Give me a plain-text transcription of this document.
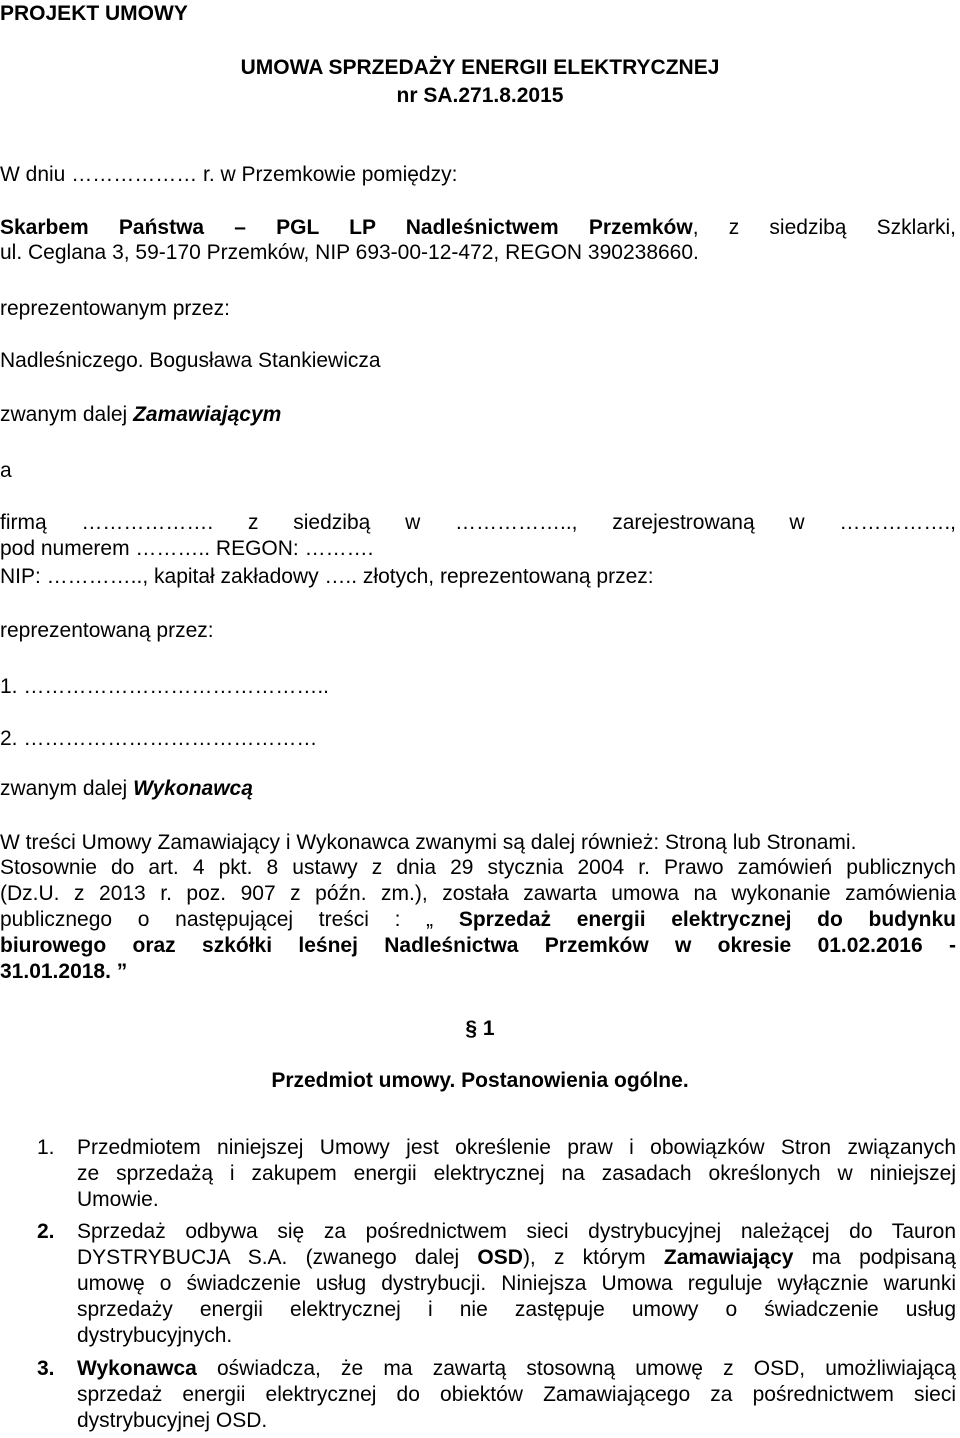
PROJEKT UMOWY

UMOWA SPRZEDAŻY ENERGII ELEKTRYCZNEJ

nr SA.271.8.2015

W dniu ……………… r. w Przemkowie pomiędzy:

Skarbem Państwa – PGL LP Nadleśnictwem Przemków, z siedzibą Szklarki,

ul. Ceglana 3, 59-170 Przemków, NIP 693-00-12-472, REGON 390238660.

reprezentowanym przez:

Nadleśniczego. Bogusława Stankiewicza

zwanym dalej Zamawiającym

a

firmą ………………. z siedzibą w …………….., zarejestrowaną w …………….,

pod numerem ……….. REGON: ……….

NIP: ………….., kapitał zakładowy ….. złotych, reprezentowaną przez:

reprezentowaną przez:

1. ……………………………………..

2. ……………………………………

zwanym dalej Wykonawcą

W treści Umowy Zamawiający i Wykonawca zwanymi są dalej również: Stroną lub Stronami.

Stosownie do art. 4 pkt. 8 ustawy z dnia 29 stycznia 2004 r. Prawo zamówień publicznych

(Dz.U. z 2013 r. poz. 907 z późn. zm.), została zawarta umowa na wykonanie zamówienia

publicznego o następującej treści : „ Sprzedaż energii elektrycznej do budynku

biurowego oraz szkółki leśnej Nadleśnictwa Przemków w okresie 01.02.2016 -

31.01.2018. ”

§ 1

Przedmiot umowy. Postanowienia ogólne.

1. Przedmiotem niniejszej Umowy jest określenie praw i obowiązków Stron związanych

ze sprzedażą i zakupem energii elektrycznej na zasadach określonych w niniejszej

Umowie.

2. Sprzedaż odbywa się za pośrednictwem sieci dystrybucyjnej należącej do Tauron

DYSTRYBUCJA S.A. (zwanego dalej OSD), z którym Zamawiający ma podpisaną

umowę o świadczenie usług dystrybucji. Niniejsza Umowa reguluje wyłącznie warunki

sprzedaży energii elektrycznej i nie zastępuje umowy o świadczenie usług

dystrybucyjnych.

3. Wykonawca oświadcza, że ma zawartą stosowną umowę z OSD, umożliwiającą

sprzedaż energii elektrycznej do obiektów Zamawiającego za pośrednictwem sieci

dystrybucyjnej OSD.
